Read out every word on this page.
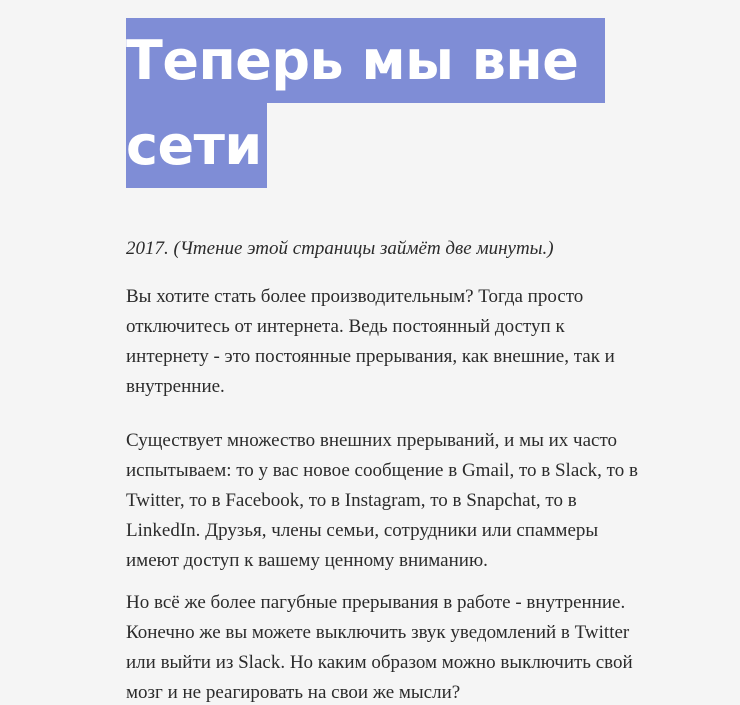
Теперь мы вне
сети

2017. (Чтение этой страницы займёт две минуты.)

Вы хотите стать более производительным? Тогда просто
отключитесь от интернета. Ведь постоянный доступ к
интернету - это постоянные прерывания, как внешние, так и
внутренние.

Существует множество внешних прерываний, и мы их часто
испытываем: то у вас новое сообщение в Gmail, то в Slack, то в
Twitter, то в Facebook, то в Instagram, то в Snapchat, то в
LinkedIn. Друзья, члены семьи, сотрудники или спаммеры
имеют доступ к вашему ценному вниманию.

Но всё же более пагубные прерывания в работе - внутренние.
Конечно же вы можете выключить звук уведомлений в Twitter
или выйти из Slack. Но каким образом можно выключить свой
мозг и не реагировать на свои же мысли?
